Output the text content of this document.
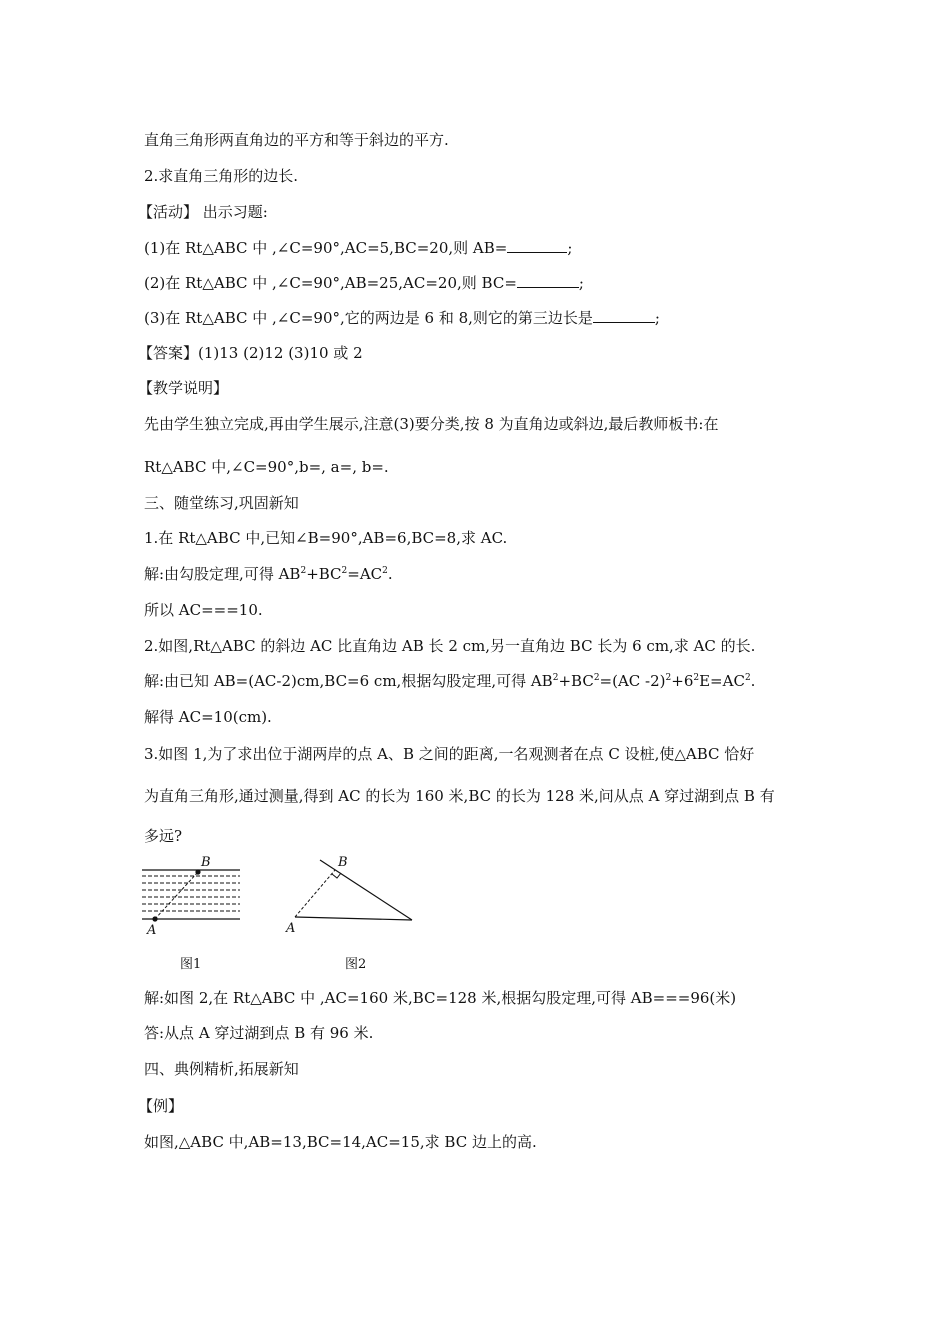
直角三角形两直角边的平方和等于斜边的平方.
2.求直角三角形的边长.
【活动】 出示习题:
(1)在 Rt△ABC 中 ,∠C=90°,AC=5,BC=20,则 AB=	;
(2)在 Rt△ABC 中 ,∠C=90°,AB=25,AC=20,则 BC=	;
(3)在 Rt△ABC 中 ,∠C=90°,它的两边是 6 和 8,则它的第三边长是	;
【答案】(1)13 (2)12 (3)10 或 2
【教学说明】
先由学生独立完成,再由学生展示,注意(3)要分类,按 8 为直角边或斜边,最后教师板书:在
Rt△ABC 中,∠C=90°,b=, a=, b=.
三、随堂练习,巩固新知
1.在 Rt△ABC 中,已知∠B=90°,AB=6,BC=8,求 AC.
解:由勾股定理,可得 $AB^2+BC^2=AC^2$.
所以 AC===10.
2.如图,Rt△ABC 的斜边 AC 比直角边 AB 长 2 cm,另一直角边 BC 长为 6 cm,求 AC 的长.
解:由已知 AB=(AC-2)cm,BC=6 cm,根据勾股定理,可得 $AB^2+BC^2=(AC$ $-2)^2+6^2E=AC^2$.
解得 AC=10(cm).
3.如图 1,为了求出位于湖两岸的点 A、B 之间的距离,一名观测者在点 C 设桩,使△ABC 恰好
为直角三角形,通过测量,得到 AC 的长为 160 米,BC 的长为 128 米,问从点 A 穿过湖到点 B 有
多远?
B
A
B
A
图1	图2
解:如图 2,在 Rt△ABC 中 ,AC=160 米,BC=128 米,根据勾股定理,可得 AB===96(米)
答:从点 A 穿过湖到点 B 有 96 米.
四、典例精析,拓展新知
【例】
如图,△ABC 中,AB=13,BC=14,AC=15,求 BC 边上的高.
